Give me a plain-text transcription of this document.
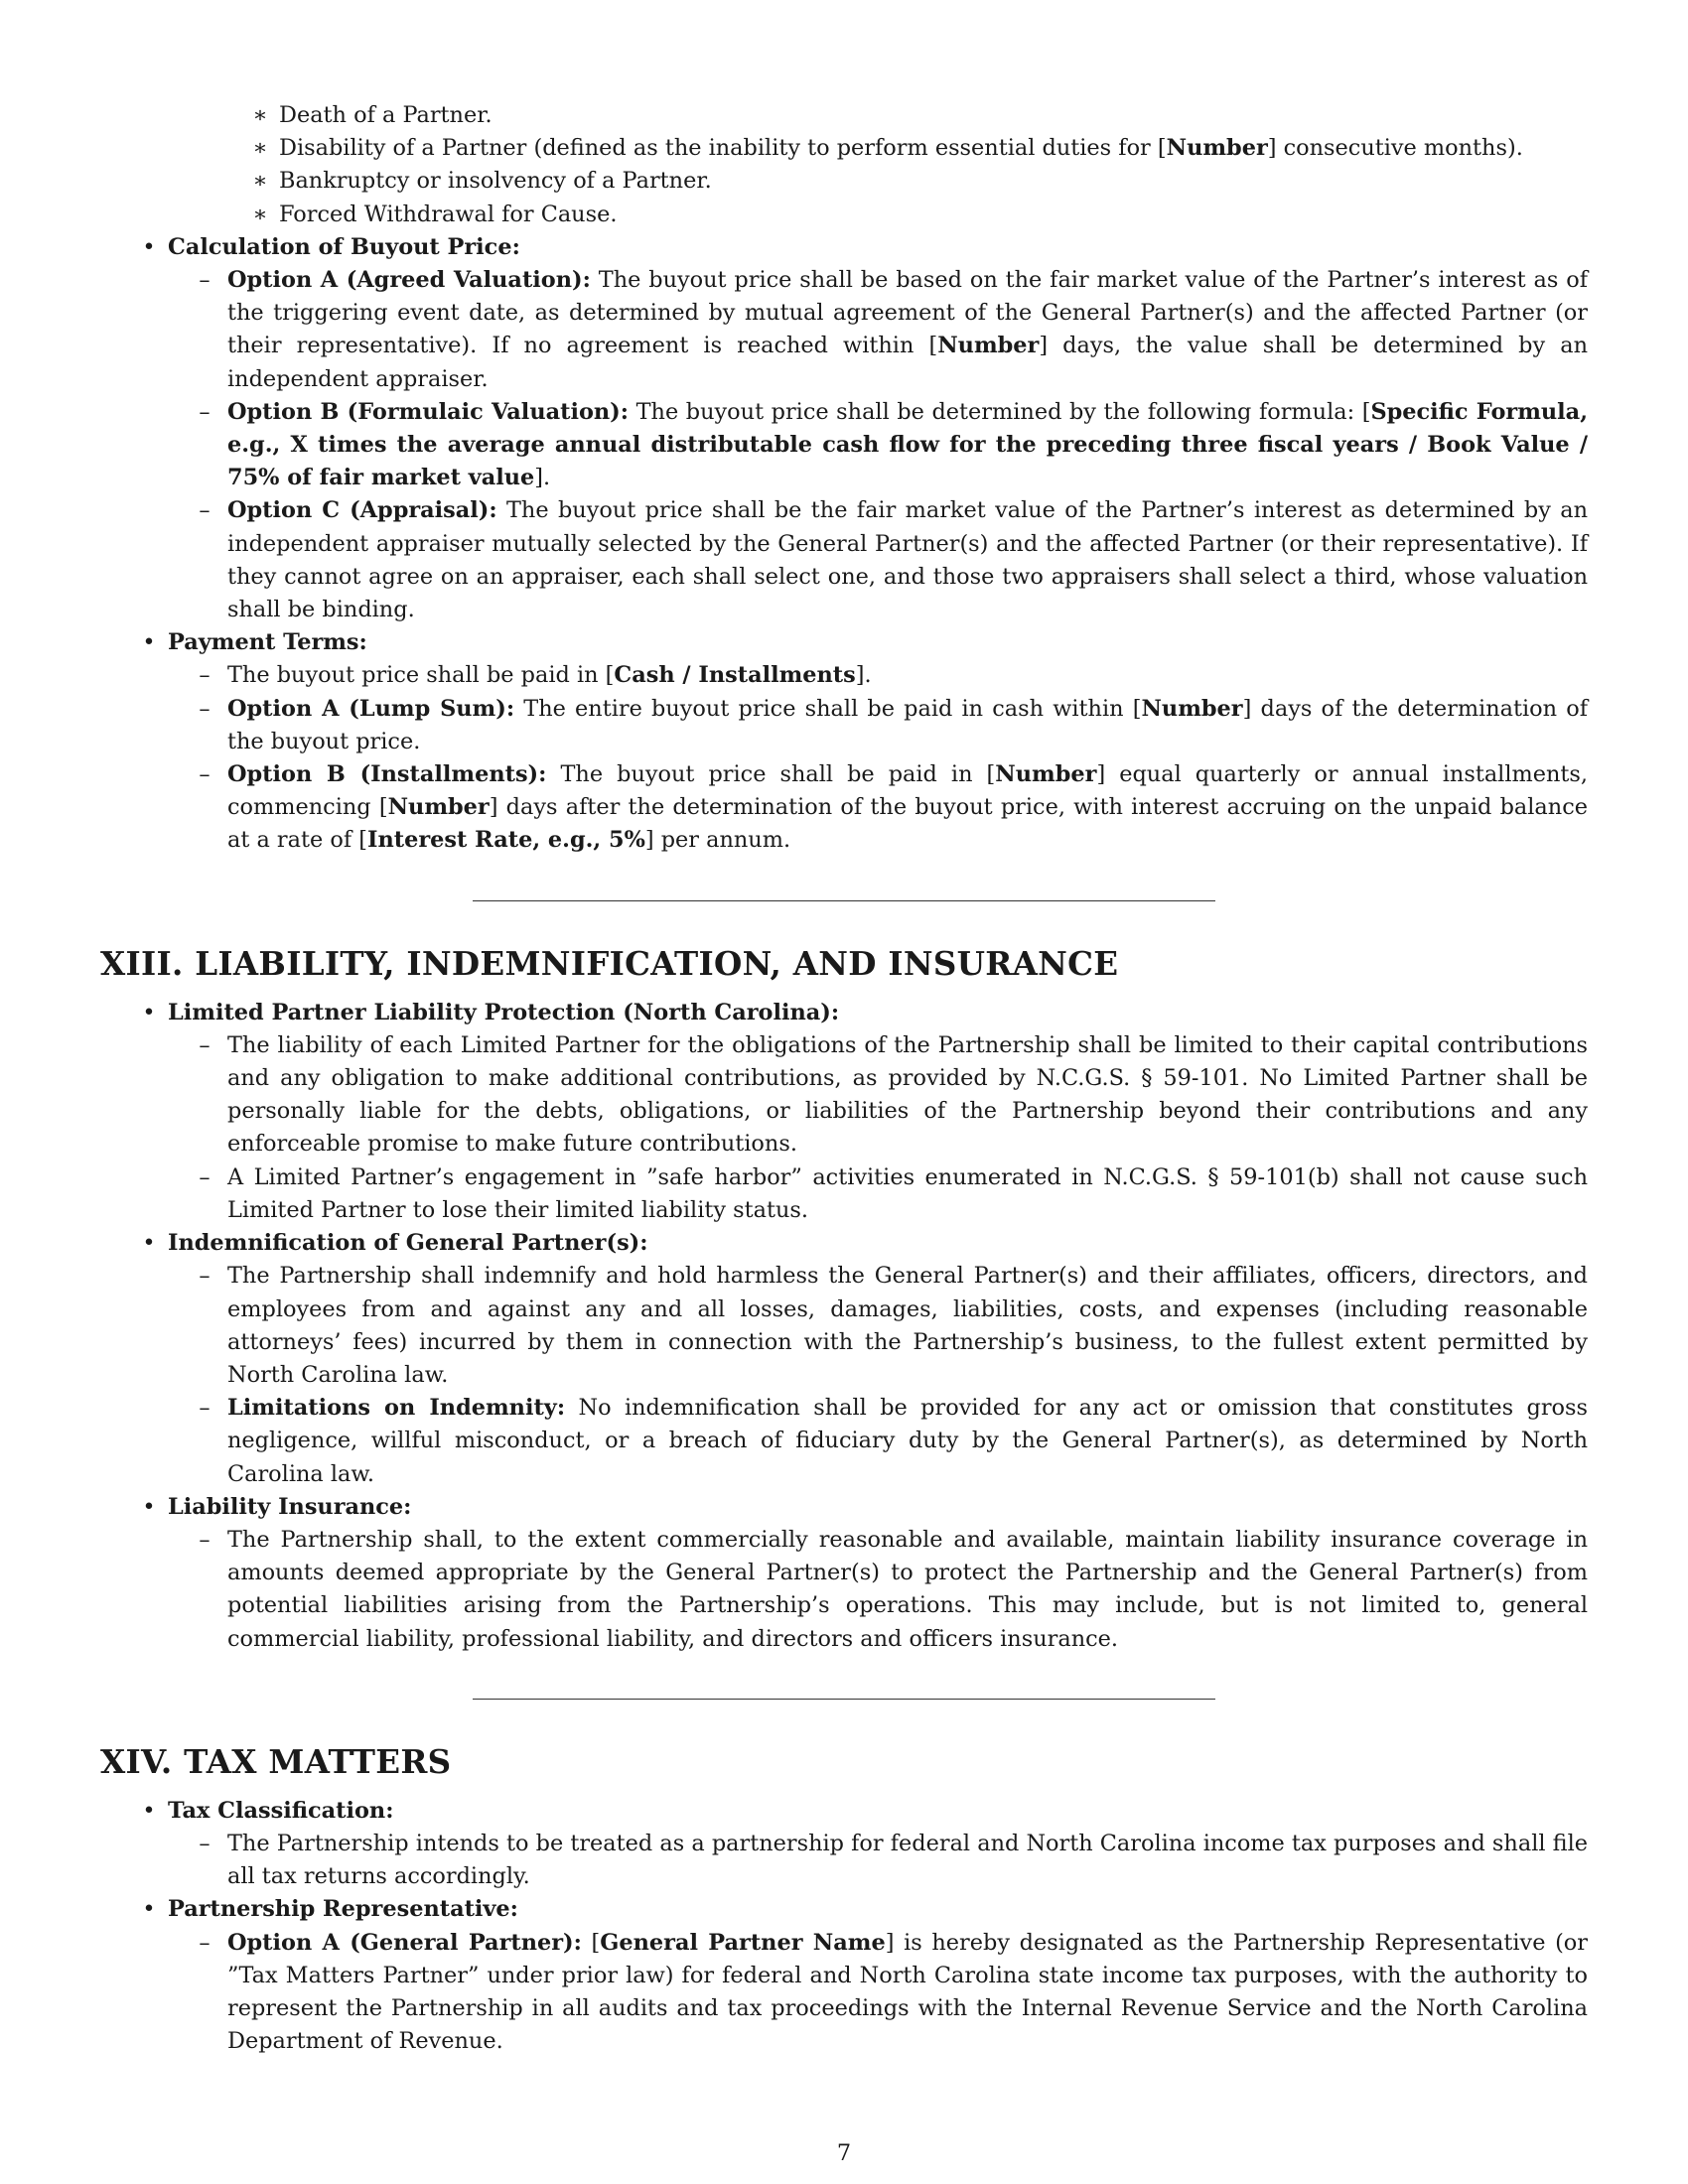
∗ Death of a Partner.
∗ Disability of a Partner (defined as the inability to perform essential duties for [Number] consecutive months).
∗ Bankruptcy or insolvency of a Partner.
∗ Forced Withdrawal for Cause.
• Calculation of Buyout Price:
– Option A (Agreed Valuation): The buyout price shall be based on the fair market value of the Partner’s interest as of the triggering event date, as determined by mutual agreement of the General Partner(s) and the affected Partner (or their representative). If no agreement is reached within [Number] days, the value shall be determined by an independent appraiser.
– Option B (Formulaic Valuation): The buyout price shall be determined by the following formula: [Specific Formula, e.g., X times the average annual distributable cash flow for the preceding three fiscal years / Book Value / 75% of fair market value].
– Option C (Appraisal): The buyout price shall be the fair market value of the Partner’s interest as determined by an independent appraiser mutually selected by the General Partner(s) and the affected Partner (or their representative). If they cannot agree on an appraiser, each shall select one, and those two appraisers shall select a third, whose valuation shall be binding.
• Payment Terms:
– The buyout price shall be paid in [Cash / Installments].
– Option A (Lump Sum): The entire buyout price shall be paid in cash within [Number] days of the determination of the buyout price.
– Option B (Installments): The buyout price shall be paid in [Number] equal quarterly or annual installments, commencing [Number] days after the determination of the buyout price, with interest accruing on the unpaid balance at a rate of [Interest Rate, e.g., 5%] per annum.
XIII. LIABILITY, INDEMNIFICATION, AND INSURANCE
• Limited Partner Liability Protection (North Carolina):
– The liability of each Limited Partner for the obligations of the Partnership shall be limited to their capital contributions and any obligation to make additional contributions, as provided by N.C.G.S. § 59-101. No Limited Partner shall be personally liable for the debts, obligations, or liabilities of the Partnership beyond their contributions and any enforceable promise to make future contributions.
– A Limited Partner’s engagement in ”safe harbor” activities enumerated in N.C.G.S. § 59-101(b) shall not cause such Limited Partner to lose their limited liability status.
• Indemnification of General Partner(s):
– The Partnership shall indemnify and hold harmless the General Partner(s) and their affiliates, officers, directors, and employees from and against any and all losses, damages, liabilities, costs, and expenses (including reasonable attorneys’ fees) incurred by them in connection with the Partnership’s business, to the fullest extent permitted by North Carolina law.
– Limitations on Indemnity: No indemnification shall be provided for any act or omission that constitutes gross negligence, willful misconduct, or a breach of fiduciary duty by the General Partner(s), as determined by North Carolina law.
• Liability Insurance:
– The Partnership shall, to the extent commercially reasonable and available, maintain liability insurance coverage in amounts deemed appropriate by the General Partner(s) to protect the Partnership and the General Partner(s) from potential liabilities arising from the Partnership’s operations. This may include, but is not limited to, general commercial liability, professional liability, and directors and officers insurance.
XIV. TAX MATTERS
• Tax Classification:
– The Partnership intends to be treated as a partnership for federal and North Carolina income tax purposes and shall file all tax returns accordingly.
• Partnership Representative:
– Option A (General Partner): [General Partner Name] is hereby designated as the Partnership Representative (or ”Tax Matters Partner” under prior law) for federal and North Carolina state income tax purposes, with the authority to represent the Partnership in all audits and tax proceedings with the Internal Revenue Service and the North Carolina Department of Revenue.
7
